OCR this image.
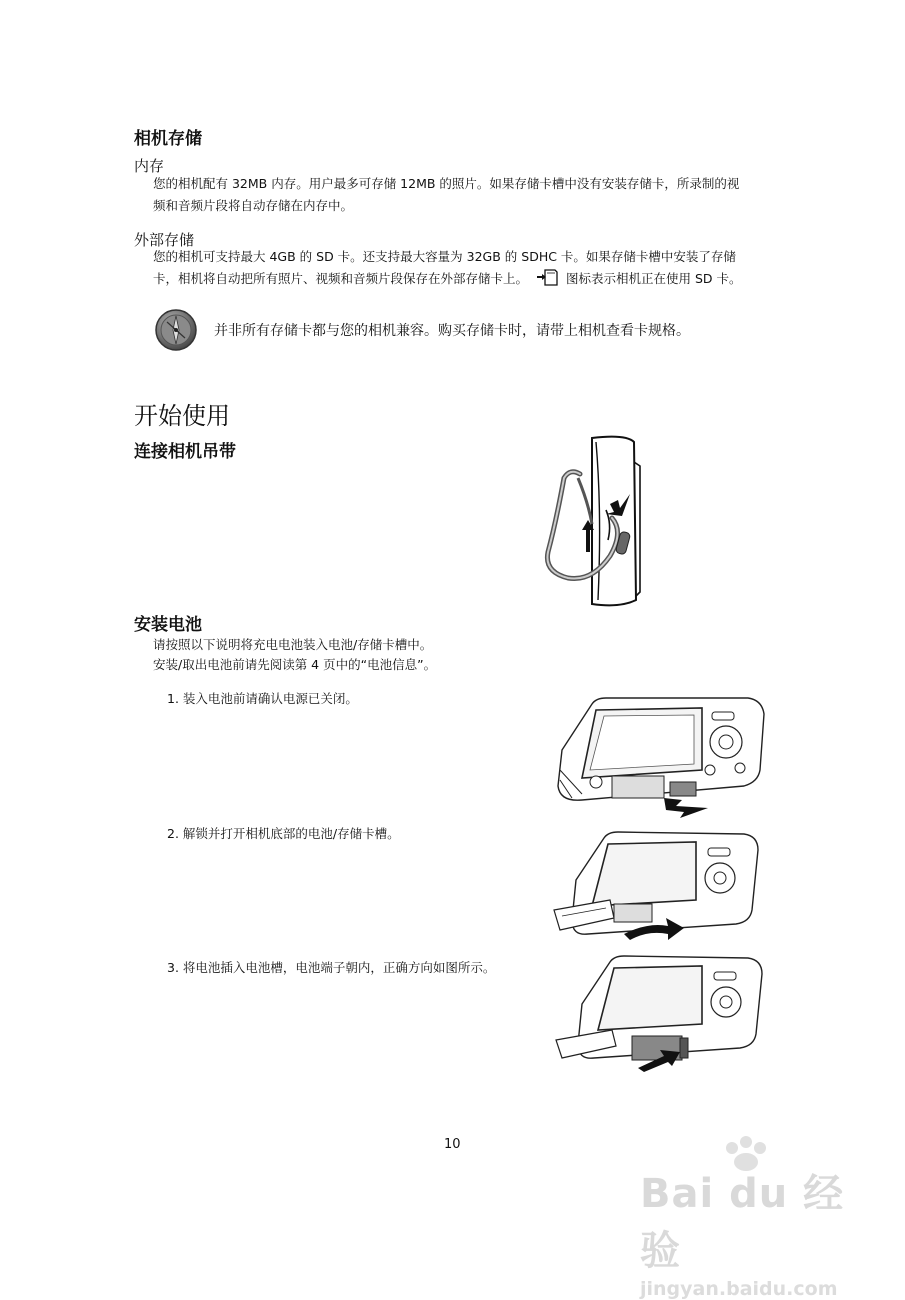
相机存储
内存
您的相机配有 32MB 内存。用户最多可存储 12MB 的照片。如果存储卡槽中没有安装存储卡，所录制的视
频和音频片段将自动存储在内存中。
外部存储
您的相机可支持最大 4GB 的 SD 卡。还支持最大容量为 32GB 的 SDHC 卡。如果存储卡槽中安装了存储
卡，相机将自动把所有照片、视频和音频片段保存在外部存储卡上。	图标表示相机正在使用 SD 卡。
并非所有存储卡都与您的相机兼容。购买存储卡时，请带上相机查看卡规格。
开始使用
连接相机吊带
安装电池
请按照以下说明将充电电池装入电池/存储卡槽中。
安装/取出电池前请先阅读第 4 页中的“电池信息”。
1. 装入电池前请确认电源已关闭。
2. 解锁并打开相机底部的电池/存储卡槽。
3. 将电池插入电池槽，电池端子朝内，正确方向如图所示。
10
Bai du 经验
jingyan.baidu.com
